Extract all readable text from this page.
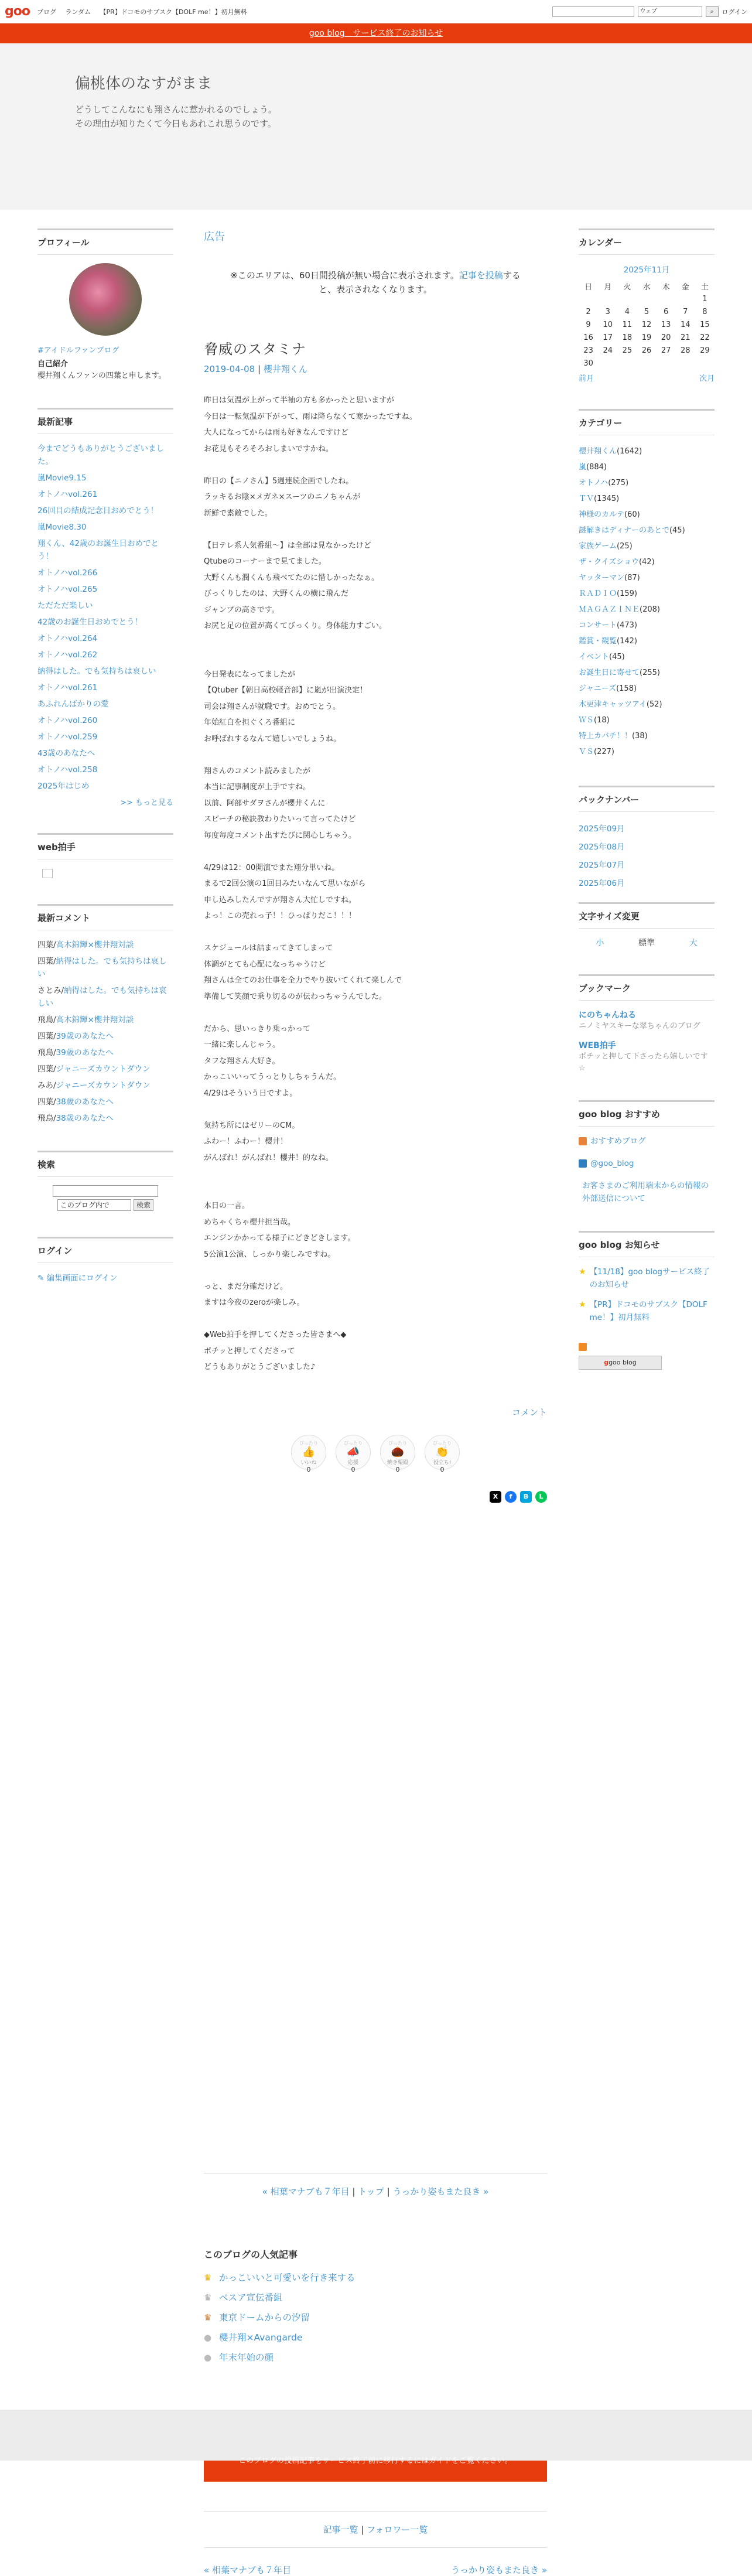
goo ブログ ランダム 【PR】ドコモのサブスク【DOLF me！】初月無料	ウェブ	⌕	ログイン
goo blog　サービス終了のお知らせ
偏桃体のなすがまま
どうしてこんなにも翔さんに惹かれるのでしょう。
その理由が知りたくて今日もあれこれ思うのです。
プロフィール
#アイドルファンブログ
自己紹介
櫻井翔くんファンの四葉と申します。
最新記事
今までどうもありがとうございました。
嵐Movie9.15
オトノハvol.261
26回目の結成記念日おめでとう！
嵐Movie8.30
翔くん、42歳のお誕生日おめでとう！
オトノハvol.266
オトノハvol.265
ただただ楽しい
42歳のお誕生日おめでとう！
オトノハvol.264
オトノハvol.262
納得はした。でも気持ちは哀しい
オトノハvol.261
あふれんばかりの愛
オトノハvol.260
オトノハvol.259
43歳のあなたへ
オトノハvol.258
2025年はじめ
>> もっと見る
web拍手
最新コメント
四葉/高木錦輝×櫻井翔対談
四葉/納得はした。でも気持ちは哀しい
さとみ/納得はした。でも気持ちは哀しい
飛鳥/高木錦輝×櫻井翔対談
四葉/39歳のあなたへ
飛鳥/39歳のあなたへ
四葉/ジャニーズカウントダウン
みあ/ジャニーズカウントダウン
四葉/38歳のあなたへ
飛鳥/38歳のあなたへ
検索
このブログ内で	検索
ログイン
✎ 編集画面にログイン
広告
※このエリアは、60日間投稿が無い場合に表示されます。記事を投稿すると、表示されなくなります。
脅威のスタミナ
2019-04-08 | 櫻井翔くん

昨日は気温が上がって半袖の方も多かったと思いますが

今日は一転気温が下がって、雨は降らなくて寒かったですね。

大人になってからは雨も好きなんですけど

お花見もそろそろおしまいですかね。

昨日の【ニノさん】5週連続企画でしたね。

ラッキるお陰×メガネ×スーツのニノちゃんが

新鮮で素敵でした。

【日テレ系人気番組〜】は全部は見なかったけど

Qtubeのコーナーまで見てました。

大野くんも潤くんも飛べてたのに惜しかったなぁ。

びっくりしたのは、大野くんの横に飛んだ

ジャンプの高さです。

お尻と足の位置が高くてびっくり。身体能力すごい。

今日発表になってましたが

【Qtuber【朝日高校軽音部】に嵐が出演決定！

司会は翔さんが就職です。おめでとう。

年始紅白を担ぐくろ番組に

お呼ばれするなんて嬉しいでしょうね。

翔さんのコメント読みましたが

本当に記事制度が上手ですね。

以前、阿部サダヲさんが櫻井くんに

スピーチの秘訣教わりたいって言ってたけど

毎度毎度コメント出すたびに関心しちゃう。

4/29は12：00開演でまた翔分単いね。

まるで2回公演の1回目みたいなんて思いながら

申し込みしたんですが翔さん大忙しですね。

よっ！この売れっ子！！ひっぱりだこ！！！

スケジュールは詰まってきてしまって

体調がとても心配になっちゃうけど

翔さんは全てのお仕事を全力でやり抜いてくれて楽しんで

準備して笑顔で乗り切るのが伝わっちゃうんでした。

だから、思いっきり乗っかって

一緒に楽しんじゃう。

タフな翔さん大好き。

かっこいいってうっとりしちゃうんだ。

4/29はそういう日ですよ。

気持ち所にはゼリーのCM。

ふわー！ふわー！櫻井！

がんばれ！がんばれ！櫻井！的なね。

本日の一言。

めちゃくちゃ櫻井担当哉。

エンジンかかってる様子にどきどきします。

5公演1公演、しっかり楽しみですね。

っと、まだ分確だけど。

ますは今夜のzeroが楽しみ。

◆Web拍手を押してくださった皆さまへ◆

ポチッと押してくださって

どうもありがとうございました♪

コメント
ぴったり
👍
いいね
0
ぴったり
📣
応援
0
ぴったり
🌰
焼き栗殿
0
ぴったり
👏
役立ち!
0
X	f	B	L
カレンダー
2025年11月
日	月	火	水	木	金	土
						1
2	3	4	5	6	7	8
9	10	11	12	13	14	15
16	17	18	19	20	21	22
23	24	25	26	27	28	29
30						
前月	次月
カテゴリー
櫻井翔くん(1642)
嵐(884)
オトノハ(275)
ＴＶ(1345)
神様のカルテ(60)
謎解きはディナーのあとで(45)
家族ゲーム(25)
ザ・クイズショウ(42)
ヤッターマン(87)
ＲＡＤＩＯ(159)
ＭＡＧＡＺＩＮＥ(208)
コンサート(473)
鑑賞・観覧(142)
イベント(45)
お誕生日に寄せて(255)
ジャニーズ(158)
木更津キャッツアイ(52)
ＷＳ(18)
特上カバチ！！(38)
ＶＳ(227)
バックナンバー
2025年09月
2025年08月
2025年07月
2025年06月
文字サイズ変更
小	標準	大
ブックマーク
にのちゃんねる
ニノミヤスキーな翠ちゃんのブログ
WEB拍手
ポチッと押して下さったら嬉しいです☆
goo blog おすすめ
おすすめブログ
@goo_blog
お客さまのご利用端末からの情報の外部送信について
goo blog お知らせ
★ 【11/18】goo blogサービス終了のお知らせ
★ 【PR】ドコモのサブスク【DOLF me！】初月無料
ggoo blog
« 相葉マナブも７年目 | トップ | うっかり姿もまた良き »
このブログの人気記事
♛ かっこいいと可愛いを行き来する
♛ ベスア宣伝番組
♛ 東京ドームからの汐留
● 櫻井翔×Avangarde
● 年末年始の顔
このブログの投稿記事をサービス終了前に移行するにはガイドをご覧ください。
記事一覧 | フォロワー一覧
« 相葉マナブも７年目	うっかり姿もまた良き »
